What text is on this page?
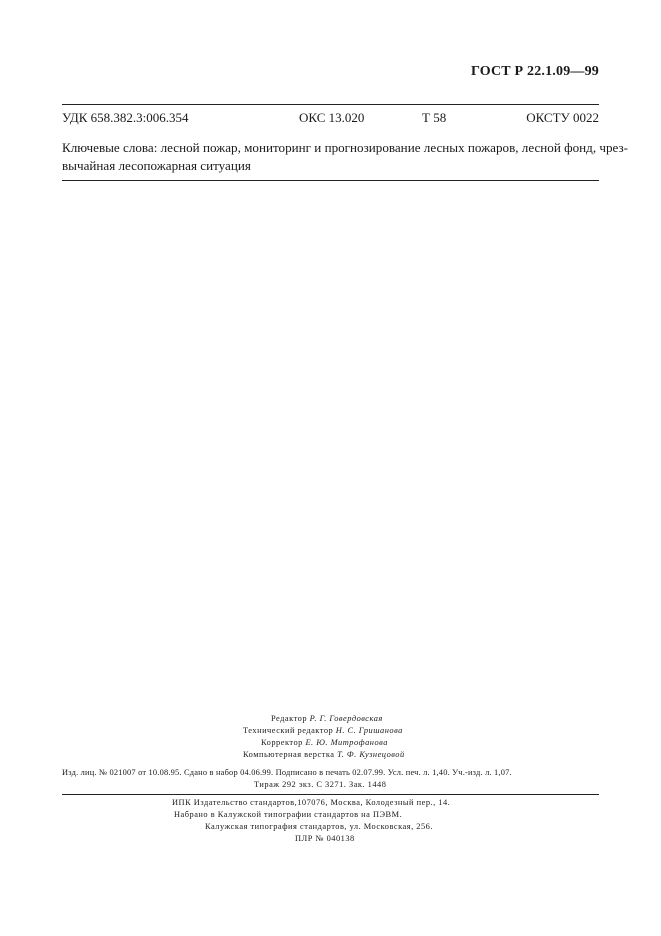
ГОСТ Р 22.1.09—99
УДК 658.382.3:006.354	ОКС 13.020	Т 58	ОКСТУ 0022
Ключевые слова: лесной пожар, мониторинг и прогнозирование лесных пожаров, лесной фонд, чрез-
вычайная лесопожарная ситуация
Редактор Р. Г. Говердовская
Технический редактор Н. С. Гришанова
Корректор Е. Ю. Митрофанова
Компьютерная верстка Т. Ф. Кузнецовой
Изд. лиц. № 021007 от 10.08.95. Сдано в набор 04.06.99. Подписано в печать 02.07.99. Усл. печ. л. 1,40. Уч.-изд. л. 1,07.
Тираж 292 экз. С 3271. Зак. 1448
ИПК Издательство стандартов,107076, Москва, Колодезный пер., 14.
Набрано в Калужской типографии стандартов на ПЭВМ.
Калужская типография стандартов, ул. Московская, 256.
ПЛР № 040138
